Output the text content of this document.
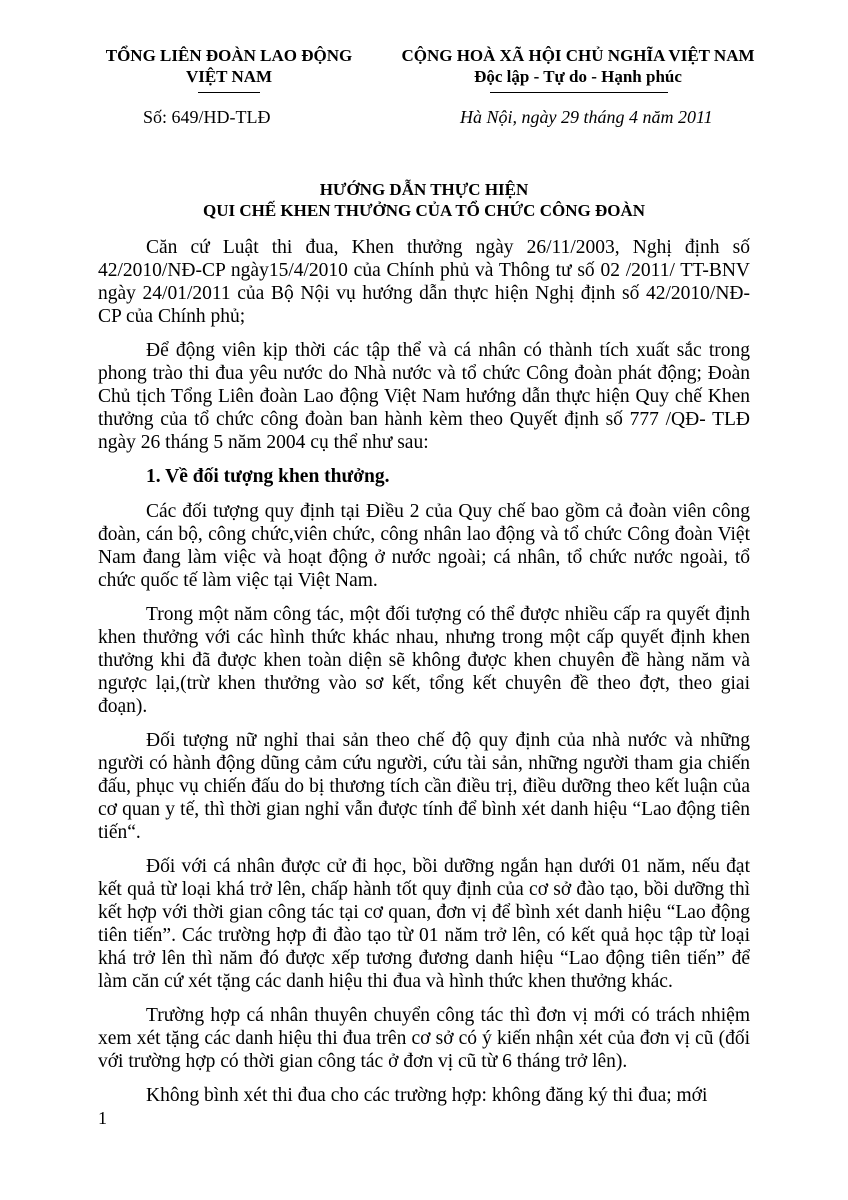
TỔNG LIÊN ĐOÀN LAO ĐỘNG
VIỆT NAM
CỘNG HOÀ XÃ HỘI CHỦ NGHĨA VIỆT NAM
Độc lập - Tự do - Hạnh phúc
Số: 649/HD-TLĐ	Hà Nội, ngày 29 tháng 4 năm 2011
HƯỚNG DẪN THỰC HIỆN
QUI CHẾ KHEN THƯỞNG CỦA TỔ CHỨC CÔNG ĐOÀN

Căn cứ Luật thi đua, Khen thưởng ngày 26/11/2003, Nghị định số 42/2010/NĐ-CP ngày15/4/2010 của Chính phủ và Thông tư số 02 /2011/ TT-BNV ngày 24/01/2011 của Bộ Nội vụ hướng dẫn thực hiện Nghị định số 42/2010/NĐ-CP của Chính phủ;

Để động viên kịp thời các tập thể và cá nhân có thành tích xuất sắc trong phong trào thi đua yêu nước do Nhà nước và tổ chức Công đoàn phát động; Đoàn Chủ tịch Tổng Liên đoàn Lao động Việt Nam hướng dẫn thực hiện Quy chế Khen thưởng của tổ chức công đoàn ban hành kèm theo Quyết định số 777 /QĐ- TLĐ ngày 26 tháng 5 năm 2004 cụ thể như sau:

1. Về đối tượng khen thưởng.

Các đối tượng quy định tại Điều 2 của Quy chế bao gồm cả đoàn viên công đoàn, cán bộ, công chức,viên chức, công nhân lao động và tổ chức Công đoàn Việt Nam đang làm việc và hoạt động ở nước ngoài; cá nhân, tổ chức nước ngoài, tổ chức quốc tế làm việc tại Việt Nam.

Trong một năm công tác, một đối tượng có thể được nhiều cấp ra quyết định khen thưởng với các hình thức khác nhau, nhưng trong một cấp quyết định khen thưởng khi đã được khen toàn diện sẽ không được khen chuyên đề hàng năm và ngược lại,(trừ khen thưởng vào sơ kết, tổng kết chuyên đề theo đợt, theo giai đoạn).

Đối tượng nữ nghỉ thai sản theo chế độ quy định của nhà nước và những người có hành động dũng cảm cứu người, cứu tài sản, những người tham gia chiến đấu, phục vụ chiến đấu do bị thương tích cần điều trị, điều dưỡng theo kết luận của cơ quan y tế, thì thời gian nghỉ vẫn được tính để bình xét danh hiệu “Lao động tiên tiến“.

Đối với cá nhân được cử đi học, bồi dưỡng ngắn hạn dưới 01 năm, nếu đạt kết quả từ loại khá trở lên, chấp hành tốt quy định của cơ sở đào tạo, bồi dưỡng thì kết hợp với thời gian công tác tại cơ quan, đơn vị để bình xét danh hiệu “Lao động tiên tiến”. Các trường hợp đi đào tạo từ 01 năm trở lên, có kết quả học tập từ loại khá trở lên thì năm đó được xếp tương đương danh hiệu “Lao động tiên tiến” để làm căn cứ xét tặng các danh hiệu thi đua và hình thức khen thưởng khác.

Trường hợp cá nhân thuyên chuyển công tác thì đơn vị mới có trách nhiệm xem xét tặng các danh hiệu thi đua trên cơ sở có ý kiến nhận xét của đơn vị cũ (đối với trường hợp có thời gian công tác ở đơn vị cũ từ 6 tháng trở lên).

Không bình xét thi đua cho các trường hợp: không đăng ký thi đua; mới

1
